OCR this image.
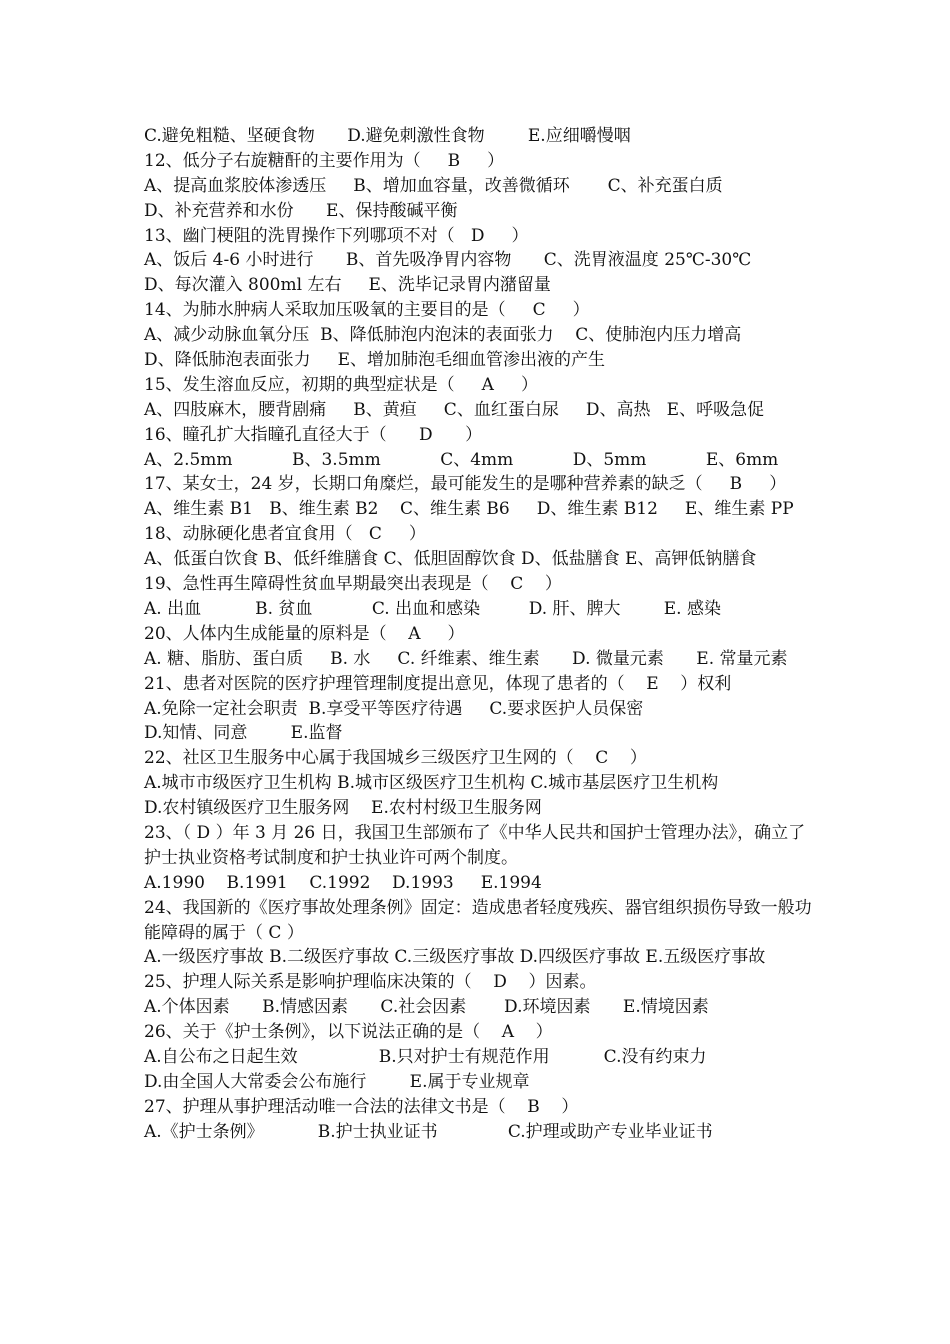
C.避免粗糙、坚硬食物      D.避免刺激性食物        E.应细嚼慢咽
12、低分子右旋糖酐的主要作用为（     B     ）
A、提高血浆胶体渗透压     B、增加血容量，改善微循环       C、补充蛋白质
D、补充营养和水份      E、保持酸碱平衡
13、幽门梗阻的洗胃操作下列哪项不对（   D     ）
A、饭后 4-6 小时进行      B、首先吸净胃内容物      C、洗胃液温度 25℃-30℃
D、每次灌入 800ml 左右     E、洗毕记录胃内潴留量
14、为肺水肿病人采取加压吸氧的主要目的是（     C     ）
A、减少动脉血氧分压  B、降低肺泡内泡沫的表面张力    C、使肺泡内压力增高
D、降低肺泡表面张力     E、增加肺泡毛细血管渗出液的产生
15、发生溶血反应，初期的典型症状是（     A     ）
A、四肢麻木，腰背剧痛     B、黄疸     C、血红蛋白尿     D、高热   E、呼吸急促
16、瞳孔扩大指瞳孔直径大于（      D      ）
A、2.5mm           B、3.5mm           C、4mm           D、5mm           E、6mm
17、某女士，24 岁，长期口角糜烂，最可能发生的是哪种营养素的缺乏（     B     ）
A、维生素 B1   B、维生素 B2    C、维生素 B6     D、维生素 B12     E、维生素 PP
18、动脉硬化患者宜食用（   C     ）
A、低蛋白饮食 B、低纤维膳食 C、低胆固醇饮食 D、低盐膳食 E、高钾低钠膳食
19、急性再生障碍性贫血早期最突出表现是（    C    ）
A. 出血          B. 贫血           C. 出血和感染         D. 肝、脾大        E. 感染
20、人体内生成能量的原料是（    A     ）
A. 糖、脂肪、蛋白质     B. 水     C. 纤维素、维生素      D. 微量元素      E. 常量元素
21、患者对医院的医疗护理管理制度提出意见，体现了患者的（    E    ）权利
A.免除一定社会职责  B.享受平等医疗待遇     C.要求医护人员保密
D.知情、同意        E.监督
22、社区卫生服务中心属于我国城乡三级医疗卫生网的（    C    ）
A.城市市级医疗卫生机构 B.城市区级医疗卫生机构 C.城市基层医疗卫生机构
D.农村镇级医疗卫生服务网    E.农村村级卫生服务网
23、（ D ）年 3 月 26 日，我国卫生部颁布了《中华人民共和国护士管理办法》，确立了护士执业资格考试制度和护士执业许可两个制度。
A.1990    B.1991    C.1992    D.1993     E.1994
24、我国新的《医疗事故处理条例》固定：造成患者轻度残疾、器官组织损伤导致一般功能障碍的属于（ C ）
A.一级医疗事故 B.二级医疗事故 C.三级医疗事故 D.四级医疗事故 E.五级医疗事故
25、护理人际关系是影响护理临床决策的（    D    ）因素。
A.个体因素      B.情感因素      C.社会因素       D.环境因素      E.情境因素
26、关于《护士条例》，以下说法正确的是（    A    ）
A.自公布之日起生效               B.只对护士有规范作用          C.没有约束力
D.由全国人大常委会公布施行        E.属于专业规章
27、护理从事护理活动唯一合法的法律文书是（    B    ）
A.《护士条例》          B.护士执业证书             C.护理或助产专业毕业证书
